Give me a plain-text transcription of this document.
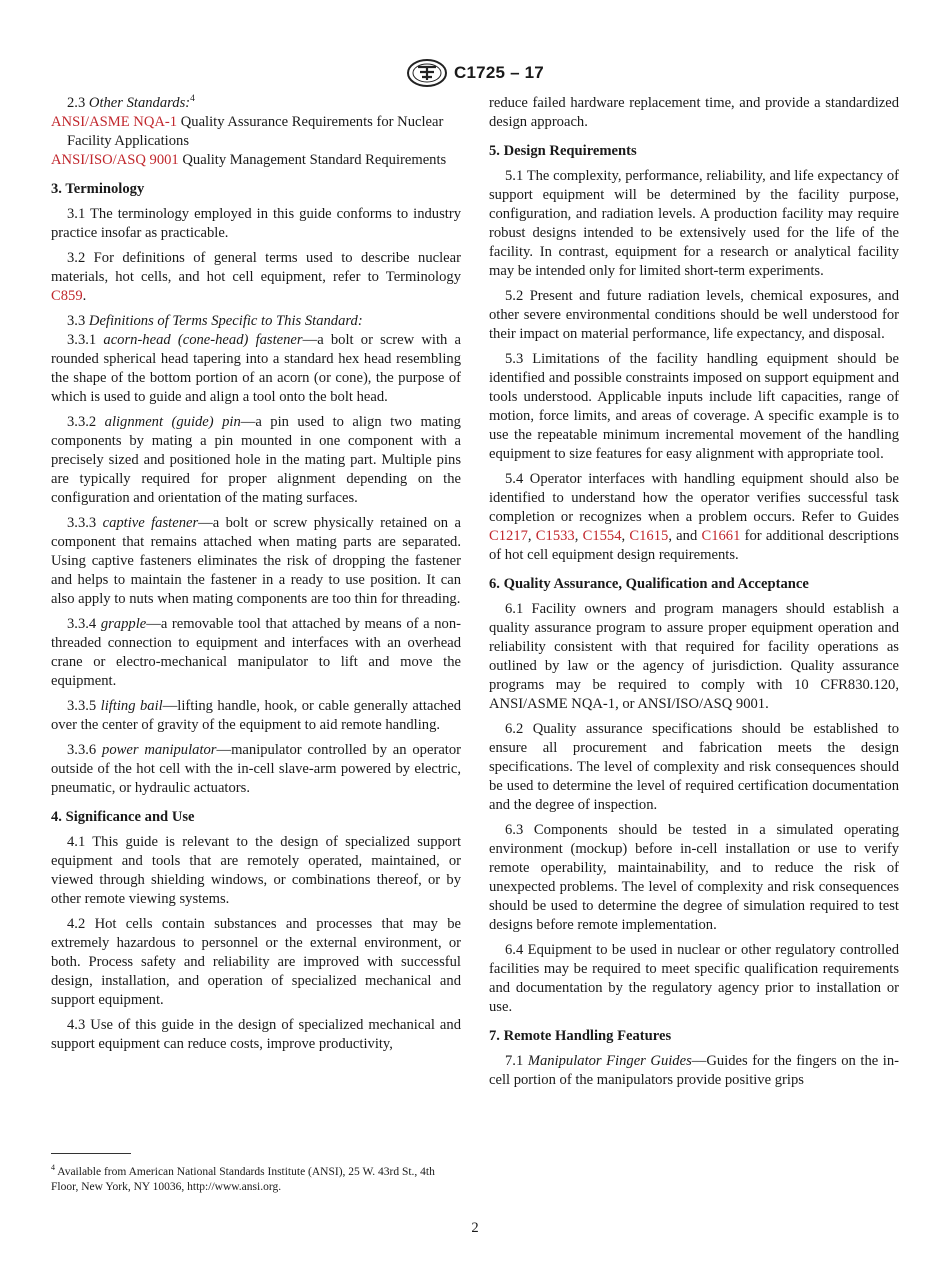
C1725 – 17

2.3 Other Standards:$^4$

ANSI/ASME NQA-1 Quality Assurance Requirements for Nuclear Facility Applications

ANSI/ISO/ASQ 9001 Quality Management Standard Requirements

3. Terminology

3.1 The terminology employed in this guide conforms to industry practice insofar as practicable.

3.2 For definitions of general terms used to describe nuclear materials, hot cells, and hot cell equipment, refer to Terminology C859.

3.3 Definitions of Terms Specific to This Standard:

3.3.1 acorn-head (cone-head) fastener—a bolt or screw with a rounded spherical head tapering into a standard hex head resembling the shape of the bottom portion of an acorn (or cone), the purpose of which is used to guide and align a tool onto the bolt head.

3.3.2 alignment (guide) pin—a pin used to align two mating components by mating a pin mounted in one component with a precisely sized and positioned hole in the mating part. Multiple pins are typically required for proper alignment depending on the configuration and orientation of the mating surfaces.

3.3.3 captive fastener—a bolt or screw physically retained on a component that remains attached when mating parts are separated. Using captive fasteners eliminates the risk of dropping the fastener and helps to maintain the fastener in a ready to use position. It can also apply to nuts when mating components are too thin for threading.

3.3.4 grapple—a removable tool that attached by means of a non-threaded connection to equipment and interfaces with an overhead crane or electro-mechanical manipulator to lift and move the equipment.

3.3.5 lifting bail—lifting handle, hook, or cable generally attached over the center of gravity of the equipment to aid remote handling.

3.3.6 power manipulator—manipulator controlled by an operator outside of the hot cell with the in-cell slave-arm powered by electric, pneumatic, or hydraulic actuators.

4. Significance and Use

4.1 This guide is relevant to the design of specialized support equipment and tools that are remotely operated, maintained, or viewed through shielding windows, or combinations thereof, or by other remote viewing systems.

4.2 Hot cells contain substances and processes that may be extremely hazardous to personnel or the external environment, or both. Process safety and reliability are improved with successful design, installation, and operation of specialized mechanical and support equipment.

4.3 Use of this guide in the design of specialized mechanical and support equipment can reduce costs, improve productivity,

reduce failed hardware replacement time, and provide a standardized design approach.

5. Design Requirements

5.1 The complexity, performance, reliability, and life expectancy of support equipment will be determined by the facility purpose, configuration, and radiation levels. A production facility may require robust designs intended to be extensively used for the life of the facility. In contrast, equipment for a research or analytical facility may be intended only for limited short-term experiments.

5.2 Present and future radiation levels, chemical exposures, and other severe environmental conditions should be well understood for their impact on material performance, life expectancy, and disposal.

5.3 Limitations of the facility handling equipment should be identified and possible constraints imposed on support equipment and tools understood. Applicable inputs include lift capacities, range of motion, force limits, and areas of coverage. A specific example is to use the repeatable minimum incremental movement of the handling equipment to size features for easy alignment with appropriate tool.

5.4 Operator interfaces with handling equipment should also be identified to understand how the operator verifies successful task completion or recognizes when a problem occurs. Refer to Guides C1217, C1533, C1554, C1615, and C1661 for additional descriptions of hot cell equipment design requirements.

6. Quality Assurance, Qualification and Acceptance

6.1 Facility owners and program managers should establish a quality assurance program to assure proper equipment operation and reliability consistent with that required for facility operations as outlined by law or the agency of jurisdiction. Quality assurance programs may be required to comply with 10 CFR830.120, ANSI/ASME NQA-1, or ANSI/ISO/ASQ 9001.

6.2 Quality assurance specifications should be established to ensure all procurement and fabrication meets the design specifications. The level of complexity and risk consequences should be used to determine the level of required certification documentation and the degree of inspection.

6.3 Components should be tested in a simulated operating environment (mockup) before in-cell installation or use to verify remote operability, maintainability, and to reduce the risk of unexpected problems. The level of complexity and risk consequences should be used to determine the degree of simulation required to test designs before remote implementation.

6.4 Equipment to be used in nuclear or other regulatory controlled facilities may be required to meet specific qualification requirements and documentation by the regulatory agency prior to installation or use.

7. Remote Handling Features

7.1 Manipulator Finger Guides—Guides for the fingers on the in-cell portion of the manipulators provide positive grips

$^4$ Available from American National Standards Institute (ANSI), 25 W. 43rd St., 4th Floor, New York, NY 10036, http://www.ansi.org.
2
